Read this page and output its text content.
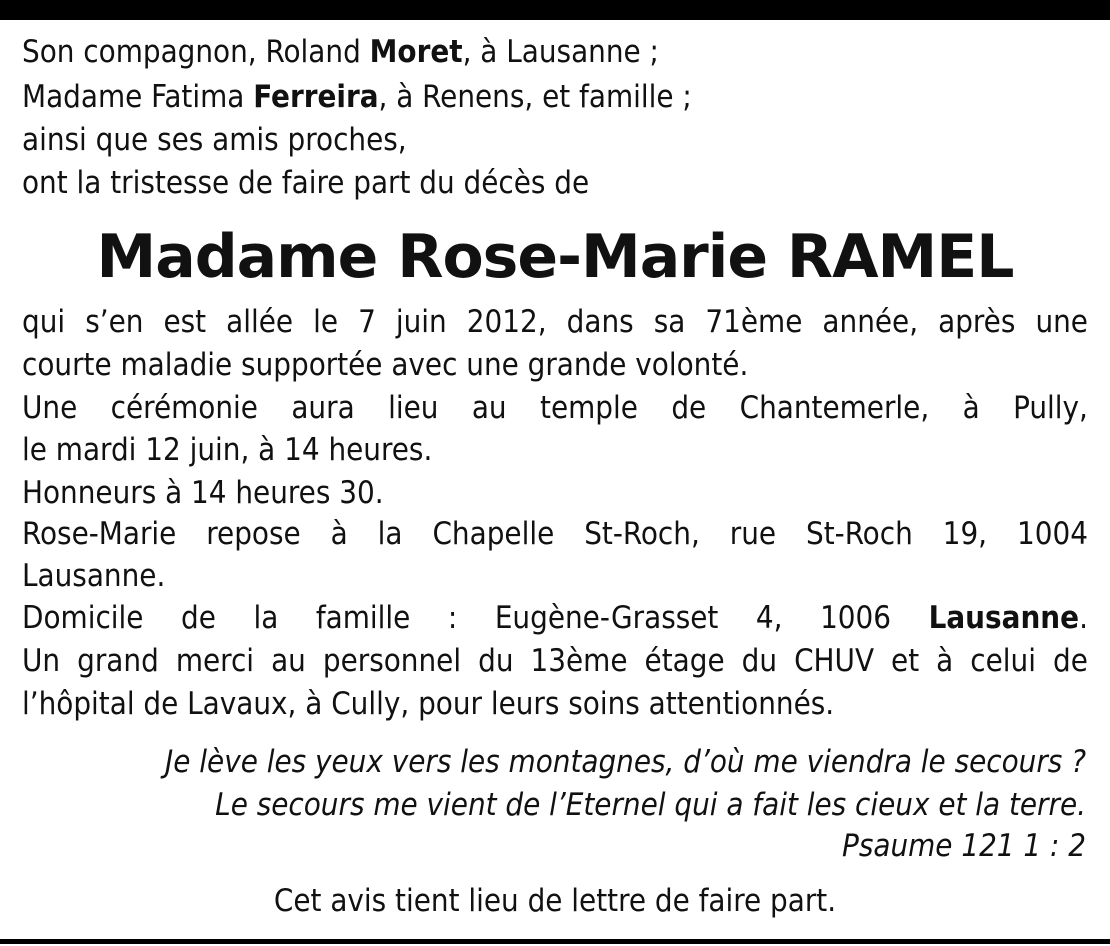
Son compagnon, Roland Moret, à Lausanne ;
Madame Fatima Ferreira, à Renens, et famille ;
ainsi que ses amis proches,
ont la tristesse de faire part du décès de
Madame Rose-Marie RAMEL
qui s’en est allée le 7 juin 2012, dans sa 71ème année, après une
courte maladie supportée avec une grande volonté.
Une cérémonie aura lieu au temple de Chantemerle, à Pully,
le mardi 12 juin, à 14 heures.
Honneurs à 14 heures 30.
Rose-Marie repose à la Chapelle St-Roch, rue St-Roch 19, 1004
Lausanne.
Domicile de la famille : Eugène-Grasset 4, 1006 Lausanne.
Un grand merci au personnel du 13ème étage du CHUV et à celui de
l’hôpital de Lavaux, à Cully, pour leurs soins attentionnés.
Je lève les yeux vers les montagnes, d’où me viendra le secours ?
Le secours me vient de l’Eternel qui a fait les cieux et la terre.
Psaume 121 1 : 2
Cet avis tient lieu de lettre de faire part.
